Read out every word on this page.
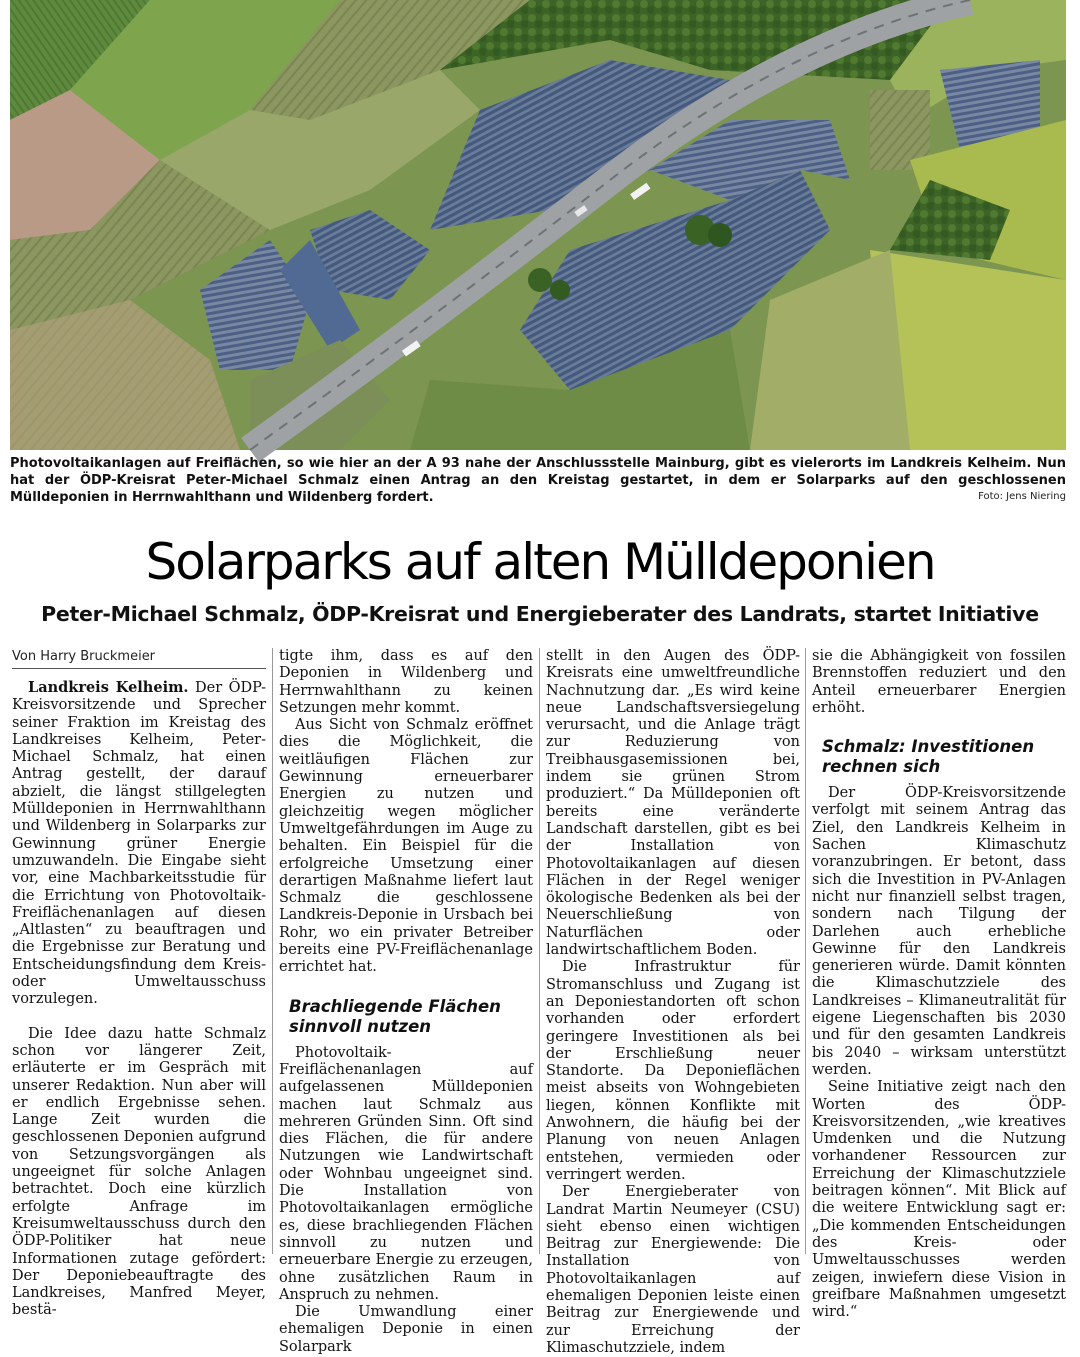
Photovoltaikanlagen auf Freiflächen, so wie hier an der A 93 nahe der Anschlussstelle Mainburg, gibt es vielerorts im Landkreis Kelheim. Nun hat der ÖDP-Kreisrat Peter-Michael Schmalz einen Antrag an den Kreistag gestartet, in dem er Solarparks auf den geschlossenen Mülldeponien in Herrnwahlthann und Wildenberg fordert.	Foto: Jens Niering
Solarparks auf alten Mülldeponien
Peter-Michael Schmalz, ÖDP-Kreisrat und Energieberater des Landrats, startet Initiative
Von Harry Bruckmeier

Landkreis Kelheim. Der ÖDP-Kreisvorsitzende und Sprecher seiner Fraktion im Kreistag des Landkreises Kelheim, Peter-Michael Schmalz, hat einen Antrag gestellt, der darauf abzielt, die längst stillgelegten Mülldeponien in Herrnwahlthann und Wildenberg in Solarparks zur Gewinnung grüner Energie umzuwandeln. Die Eingabe sieht vor, eine Machbarkeitsstudie für die Errichtung von Photovoltaik-Freiflächenanlagen auf diesen „Altlasten“ zu beauftragen und die Ergebnisse zur Beratung und Entscheidungsfindung dem Kreis- oder Umweltausschuss vorzulegen.

Die Idee dazu hatte Schmalz schon vor längerer Zeit, erläuterte er im Gespräch mit unserer Redaktion. Nun aber will er endlich Ergebnisse sehen. Lange Zeit wurden die geschlossenen Deponien aufgrund von Setzungsvorgängen als ungeeignet für solche Anlagen betrachtet. Doch eine kürzlich erfolgte Anfrage im Kreisumweltausschuss durch den ÖDP-Politiker hat neue Informationen zutage gefördert: Der Deponiebeauftragte des Landkreises, Manfred Meyer, bestä-

tigte ihm, dass es auf den Deponien in Wildenberg und Herrnwahlthann zu keinen Setzungen mehr kommt.

Aus Sicht von Schmalz eröffnet dies die Möglichkeit, die weitläufigen Flächen zur Gewinnung erneuerbarer Energien zu nutzen und gleichzeitig wegen möglicher Umweltgefährdungen im Auge zu behalten. Ein Beispiel für die erfolgreiche Umsetzung einer derartigen Maßnahme liefert laut Schmalz die geschlossene Landkreis-Deponie in Ursbach bei Rohr, wo ein privater Betreiber bereits eine PV-Freiflächenanlage errichtet hat.

Brachliegende Flächen sinnvoll nutzen

Photovoltaik-Freiflächenanlagen auf aufgelassenen Mülldeponien machen laut Schmalz aus mehreren Gründen Sinn. Oft sind dies Flächen, die für andere Nutzungen wie Landwirtschaft oder Wohnbau ungeeignet sind. Die Installation von Photovoltaikanlagen ermögliche es, diese brachliegenden Flächen sinnvoll zu nutzen und erneuerbare Energie zu erzeugen, ohne zusätzlichen Raum in Anspruch zu nehmen.

Die Umwandlung einer ehemaligen Deponie in einen Solarpark

stellt in den Augen des ÖDP-Kreisrats eine umweltfreundliche Nachnutzung dar. „Es wird keine neue Landschaftsversiegelung verursacht, und die Anlage trägt zur Reduzierung von Treibhausgasemissionen bei, indem sie grünen Strom produziert.“ Da Mülldeponien oft bereits eine veränderte Landschaft darstellen, gibt es bei der Installation von Photovoltaikanlagen auf diesen Flächen in der Regel weniger ökologische Bedenken als bei der Neuerschließung von Naturflächen oder landwirtschaftlichem Boden.

Die Infrastruktur für Stromanschluss und Zugang ist an Deponiestandorten oft schon vorhanden oder erfordert geringere Investitionen als bei der Erschließung neuer Standorte. Da Deponieflächen meist abseits von Wohngebieten liegen, können Konflikte mit Anwohnern, die häufig bei der Planung von neuen Anlagen entstehen, vermieden oder verringert werden.

Der Energieberater von Landrat Martin Neumeyer (CSU) sieht ebenso einen wichtigen Beitrag zur Energiewende: Die Installation von Photovoltaikanlagen auf ehemaligen Deponien leiste einen Beitrag zur Energiewende und zur Erreichung der Klimaschutzziele, indem

sie die Abhängigkeit von fossilen Brennstoffen reduziert und den Anteil erneuerbarer Energien erhöht.

Schmalz: Investitionen rechnen sich

Der ÖDP-Kreisvorsitzende verfolgt mit seinem Antrag das Ziel, den Landkreis Kelheim in Sachen Klimaschutz voranzubringen. Er betont, dass sich die Investition in PV-Anlagen nicht nur finanziell selbst tragen, sondern nach Tilgung der Darlehen auch erhebliche Gewinne für den Landkreis generieren würde. Damit könnten die Klimaschutzziele des Landkreises – Klimaneutralität für eigene Liegenschaften bis 2030 und für den gesamten Landkreis bis 2040 – wirksam unterstützt werden.

Seine Initiative zeigt nach den Worten des ÖDP-Kreisvorsitzenden, „wie kreatives Umdenken und die Nutzung vorhandener Ressourcen zur Erreichung der Klimaschutzziele beitragen können“. Mit Blick auf die weitere Entwicklung sagt er: „Die kommenden Entscheidungen des Kreis- oder Umweltausschusses werden zeigen, inwiefern diese Vision in greifbare Maßnahmen umgesetzt wird.“
